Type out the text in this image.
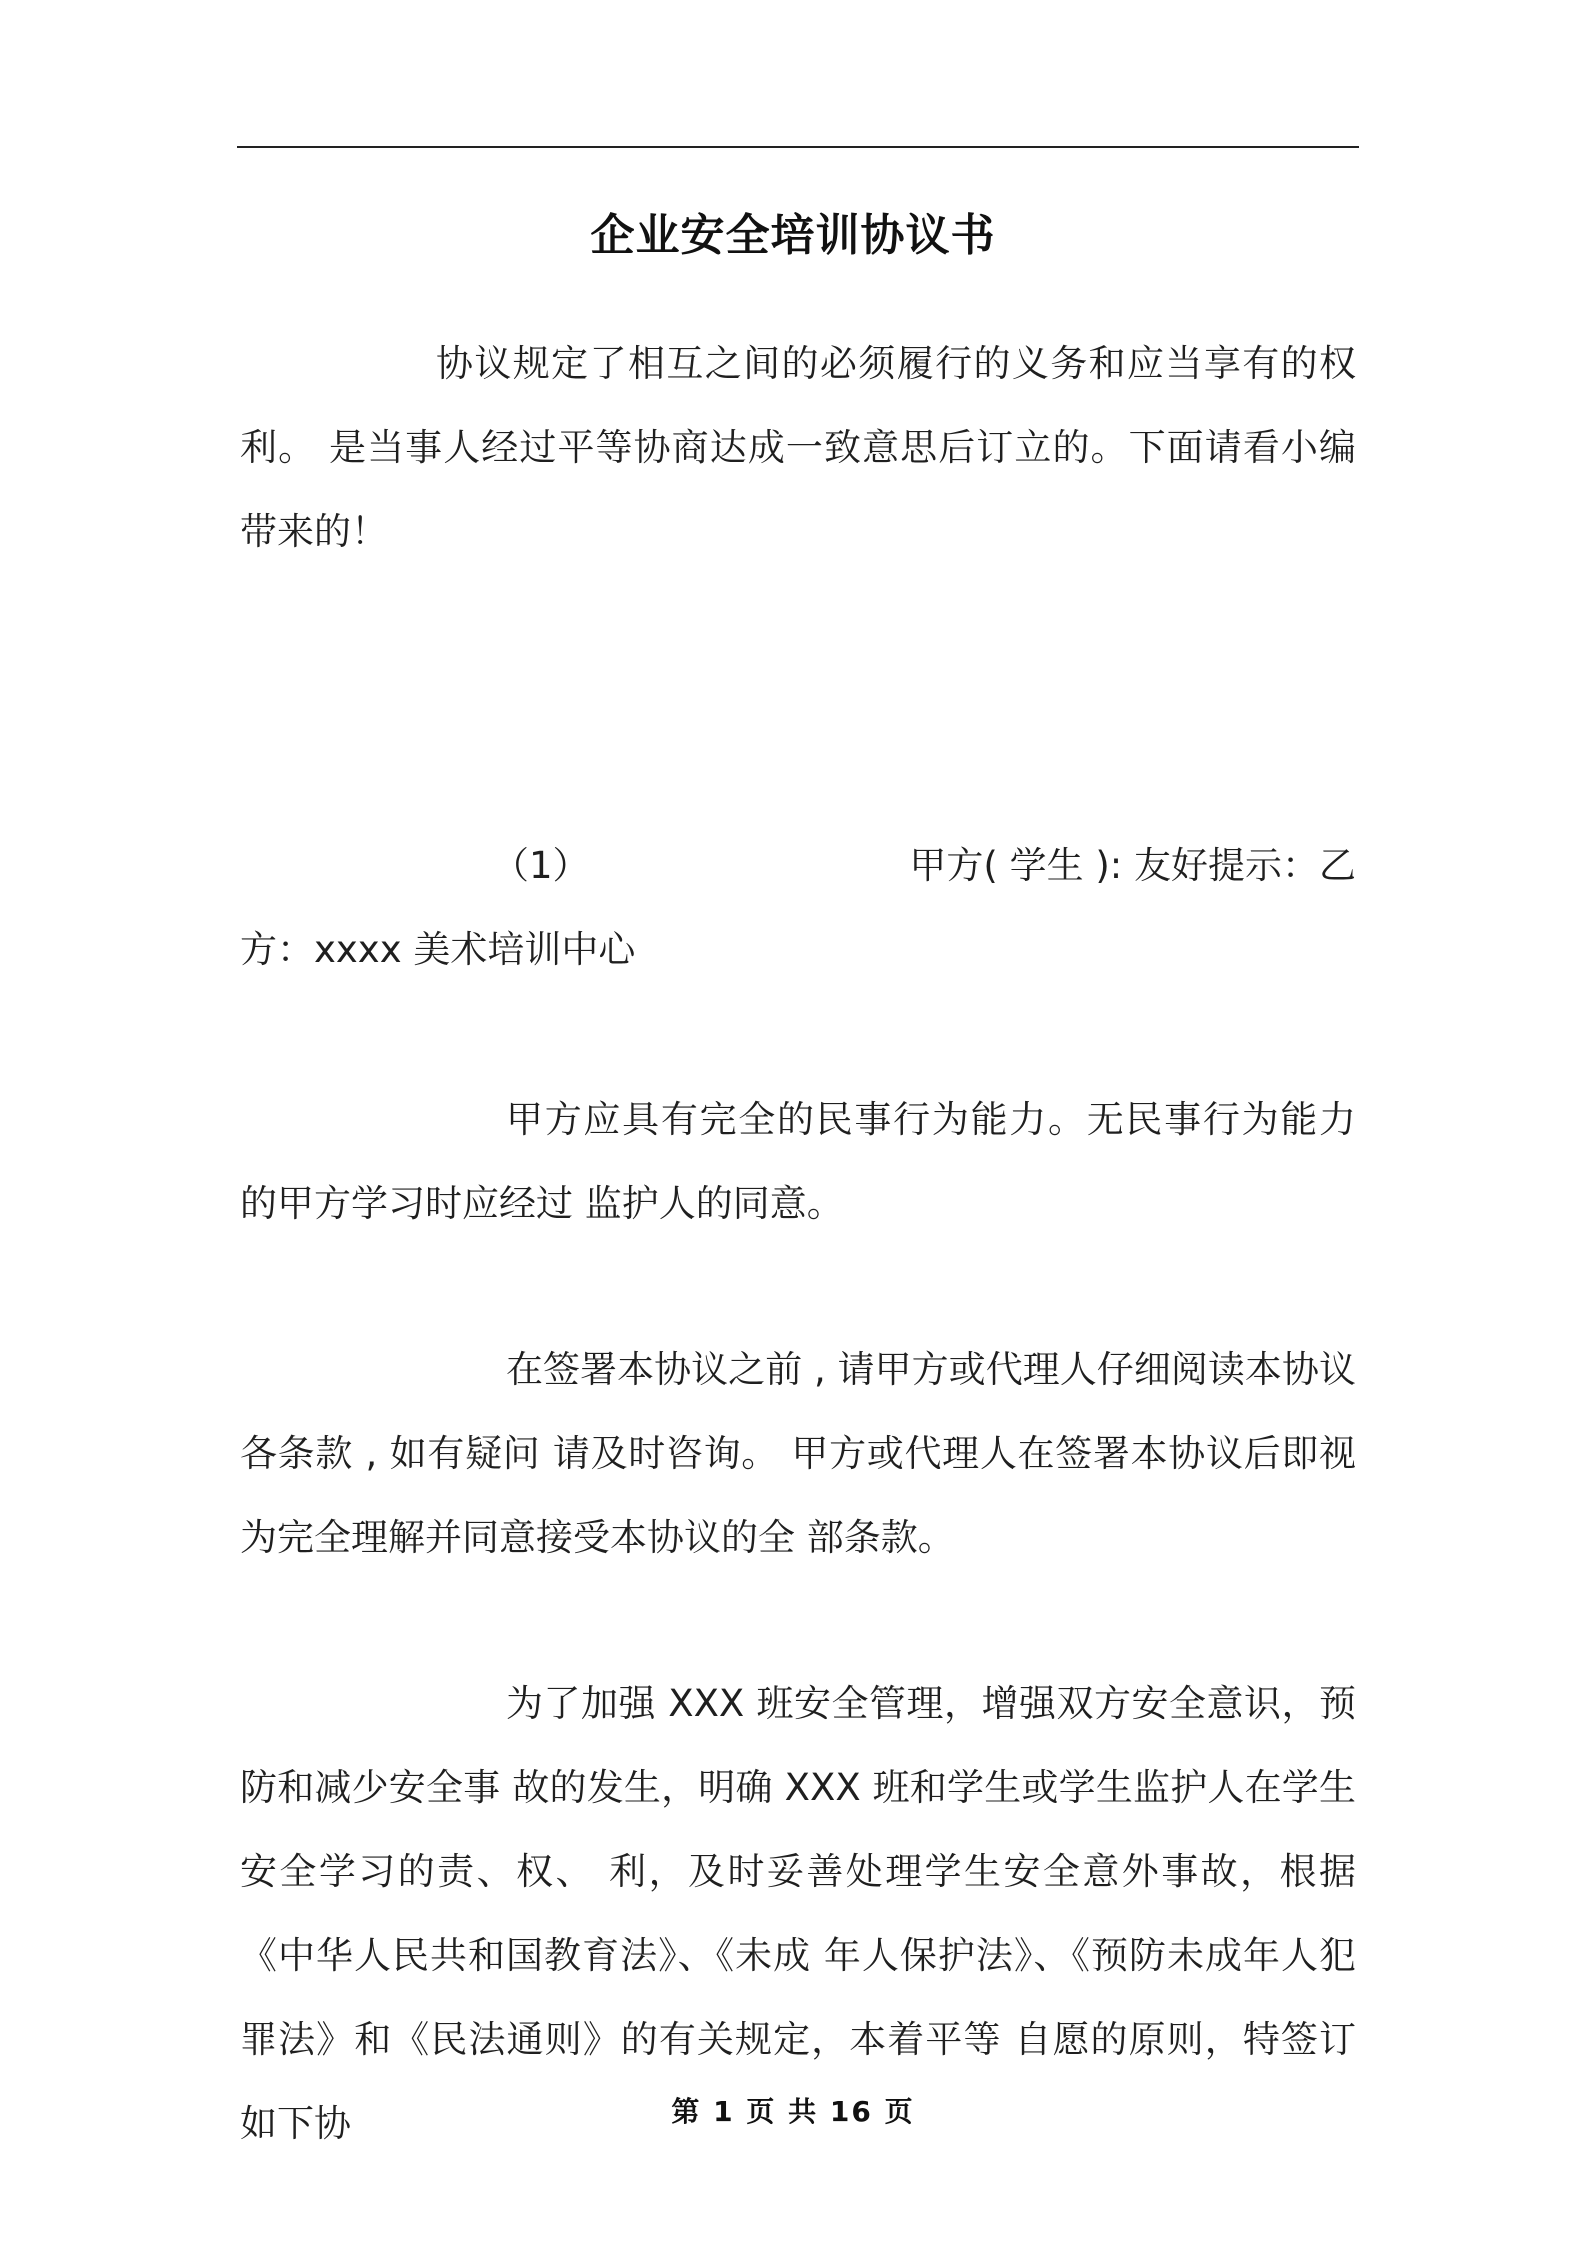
企业安全培训协议书

协议规定了相互之间的必须履行的义务和应当享有的权利。 是当事人经过平等协商达成一致意思后订立的。下面请看小编带来的！

（1）	甲方( 学生 ): 友好提示：乙
方：xxxx 美术培训中心

甲方应具有完全的民事行为能力。无民事行为能力的甲方学习时应经过 监护人的同意。

在签署本协议之前 , 请甲方或代理人仔细阅读本协议各条款 , 如有疑问 请及时咨询。 甲方或代理人在签署本协议后即视为完全理解并同意接受本协议的全 部条款。

为了加强 XXX 班安全管理，增强双方安全意识，预防和减少安全事 故的发生，明确 XXX 班和学生或学生监护人在学生安全学习的责、权、 利，及时妥善处理学生安全意外事故，根据《中华人民共和国教育法》、《未成 年人保护法》、《预防未成年人犯罪法》和《民法通则》的有关规定，本着平等 自愿的原则，特签订如下协	第 1 页 共 16 页
